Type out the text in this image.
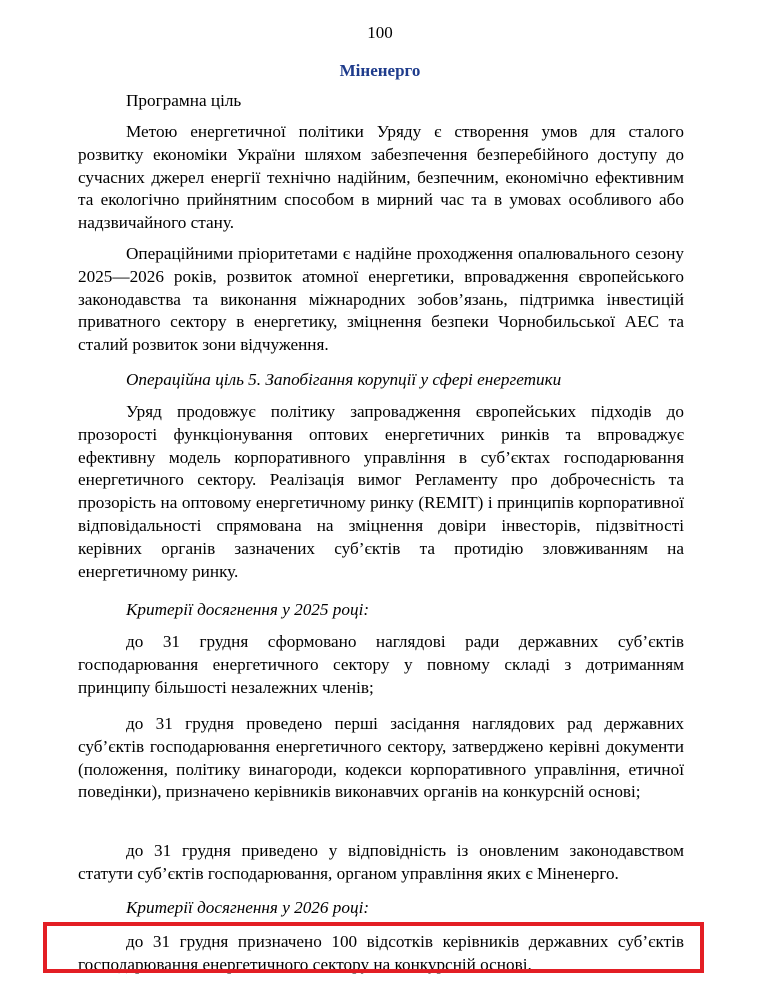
100
Міненерго

Програмна ціль

Метою енергетичної політики Уряду є створення умов для сталого розвитку економіки України шляхом забезпечення безперебійного доступу до сучасних джерел енергії технічно надійним, безпечним, економічно ефективним та екологічно прийнятним способом в мирний час та в умовах особливого або надзвичайного стану.

Операційними пріоритетами є надійне проходження опалювального сезону 2025—2026 років, розвиток атомної енергетики, впровадження європейського законодавства та виконання міжнародних зобов’язань, підтримка інвестицій приватного сектору в енергетику, зміцнення безпеки Чорнобильської АЕС та сталий розвиток зони відчуження.

Операційна ціль 5. Запобігання корупції у сфері енергетики

Уряд продовжує політику запровадження європейських підходів до прозорості функціонування оптових енергетичних ринків та впроваджує ефективну модель корпоративного управління в суб’єктах господарювання енергетичного сектору. Реалізація вимог Регламенту про доброчесність та прозорість на оптовому енергетичному ринку (REMIT) і принципів корпоративної відповідальності спрямована на зміцнення довіри інвесторів, підзвітності керівних органів зазначених суб’єктів та протидію зловживанням на енергетичному ринку.

Критерії досягнення у 2025 році:

до 31 грудня сформовано наглядові ради державних суб’єктів господарювання енергетичного сектору у повному складі з дотриманням принципу більшості незалежних членів;

до 31 грудня проведено перші засідання наглядових рад державних суб’єктів господарювання енергетичного сектору, затверджено керівні документи (положення, політику винагороди, кодекси корпоративного управління, етичної поведінки), призначено керівників виконавчих органів на конкурсній основі;

до 31 грудня приведено у відповідність із оновленим законодавством статути суб’єктів господарювання, органом управління яких є Міненерго.

Критерії досягнення у 2026 році:

до 31 грудня призначено 100 відсотків керівників державних суб’єктів господарювання енергетичного сектору на конкурсній основі.
